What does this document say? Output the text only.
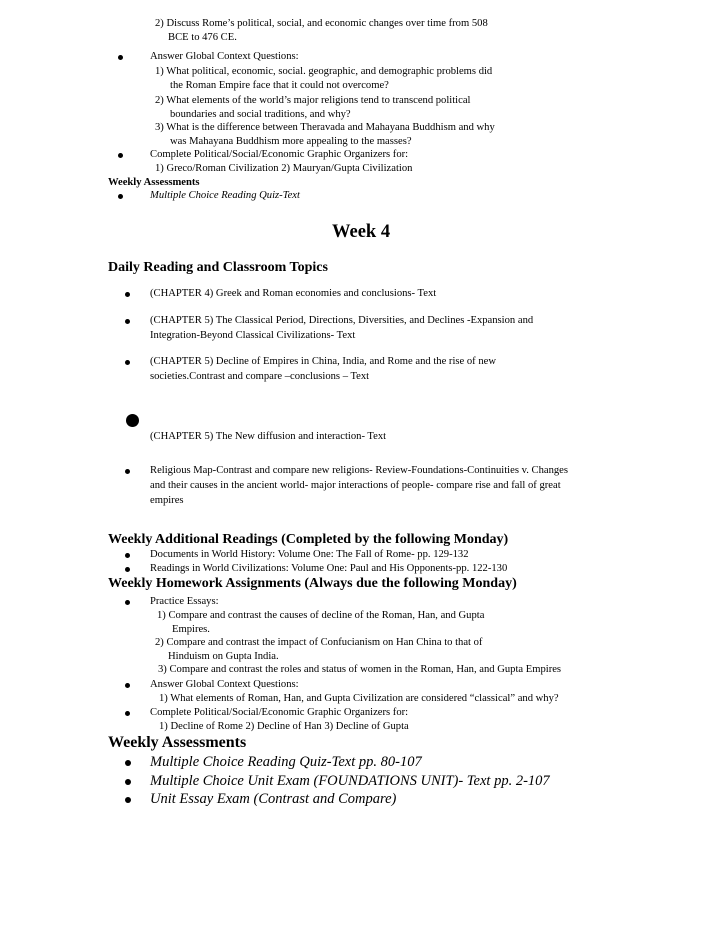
2) Discuss Rome’s political, social, and economic changes over time from 508
BCE to 476 CE.
Answer Global Context Questions:
1) What political, economic, social. geographic, and demographic problems did
the Roman Empire face that it could not overcome?
2) What elements of the world’s major religions tend to transcend political
boundaries and social traditions, and why?
3) What is the difference between Theravada and Mahayana Buddhism and why
was Mahayana Buddhism more appealing to the masses?
Complete Political/Social/Economic Graphic Organizers for:
1) Greco/Roman Civilization 2) Mauryan/Gupta Civilization
Weekly Assessments
Multiple Choice Reading Quiz-Text
Week 4
Daily Reading and Classroom Topics
(CHAPTER 4) Greek and Roman economies and conclusions- Text
(CHAPTER 5) The Classical Period, Directions, Diversities, and Declines -Expansion and
Integration-Beyond Classical Civilizations- Text
(CHAPTER 5) Decline of Empires in China, India, and Rome and the rise of new
societies.Contrast and compare –conclusions – Text
(CHAPTER 5) The New diffusion and interaction- Text
Religious Map-Contrast and compare new religions- Review-Foundations-Continuities v. Changes
and their causes in the ancient world- major interactions of people- compare rise and fall of great
empires
Weekly Additional Readings (Completed by the following Monday)
Documents in World History: Volume One: The Fall of Rome- pp. 129-132
Readings in World Civilizations: Volume One: Paul and His Opponents-pp. 122-130
Weekly Homework Assignments (Always due the following Monday)
Practice Essays:
1) Compare and contrast the causes of decline of the Roman, Han, and Gupta
Empires.
2) Compare and contrast the impact of Confucianism on Han China to that of
Hinduism on Gupta India.
3) Compare and contrast the roles and status of women in the Roman, Han, and Gupta Empires
Answer Global Context Questions:
1) What elements of Roman, Han, and Gupta Civilization are considered “classical” and why?
Complete Political/Social/Economic Graphic Organizers for:
1) Decline of Rome 2) Decline of Han 3) Decline of Gupta
Weekly Assessments
Multiple Choice Reading Quiz-Text pp. 80-107
Multiple Choice Unit Exam (FOUNDATIONS UNIT)- Text pp. 2-107
Unit Essay Exam (Contrast and Compare)
